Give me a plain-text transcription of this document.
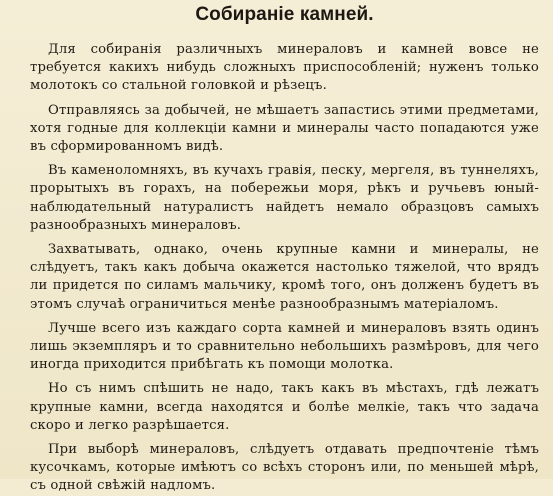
Собираніе камней.

Для собиранія различныхъ минераловъ и камней вовсе не требуется какихъ нибудь сложныхъ приспособленій; нуженъ только молотокъ со стальной головкой и рѣзецъ.

Отправляясь за добычей, не мѣшаетъ запастись этими предметами, хотя годные для коллекціи камни и минералы часто попадаются уже въ сформированномъ видѣ.

Въ каменоломняхъ, въ кучахъ гравія, песку, мергеля, въ туннеляхъ, прорытыхъ въ горахъ, на побережьи моря, рѣкъ и ручьевъ юный-наблюдательный натуралистъ найдетъ немало образцовъ самыхъ разнообразныхъ минераловъ.

Захватывать, однако, очень крупные камни и минералы, не слѣдуетъ, такъ какъ добыча окажется настолько тяжелой, что врядъ ли придется по силамъ мальчику, кромѣ того, онъ долженъ будетъ въ этомъ случаѣ ограничиться менѣе разнообразнымъ матеріаломъ.

Лучше всего изъ каждаго сорта камней и минераловъ взять одинъ лишь экземпляръ и то сравнительно небольшихъ размѣровъ, для чего иногда приходится прибѣгать къ помощи молотка.

Но съ нимъ спѣшить не надо, такъ какъ въ мѣстахъ, гдѣ лежатъ крупные камни, всегда находятся и болѣе мелкіе, такъ что задача скоро и легко разрѣшается.

При выборѣ минераловъ, слѣдуетъ отдавать предпочтеніе тѣмъ кусочкамъ, которые имѣютъ со всѣхъ сторонъ или, по меньшей мѣрѣ, съ одной свѣжій надломъ.
